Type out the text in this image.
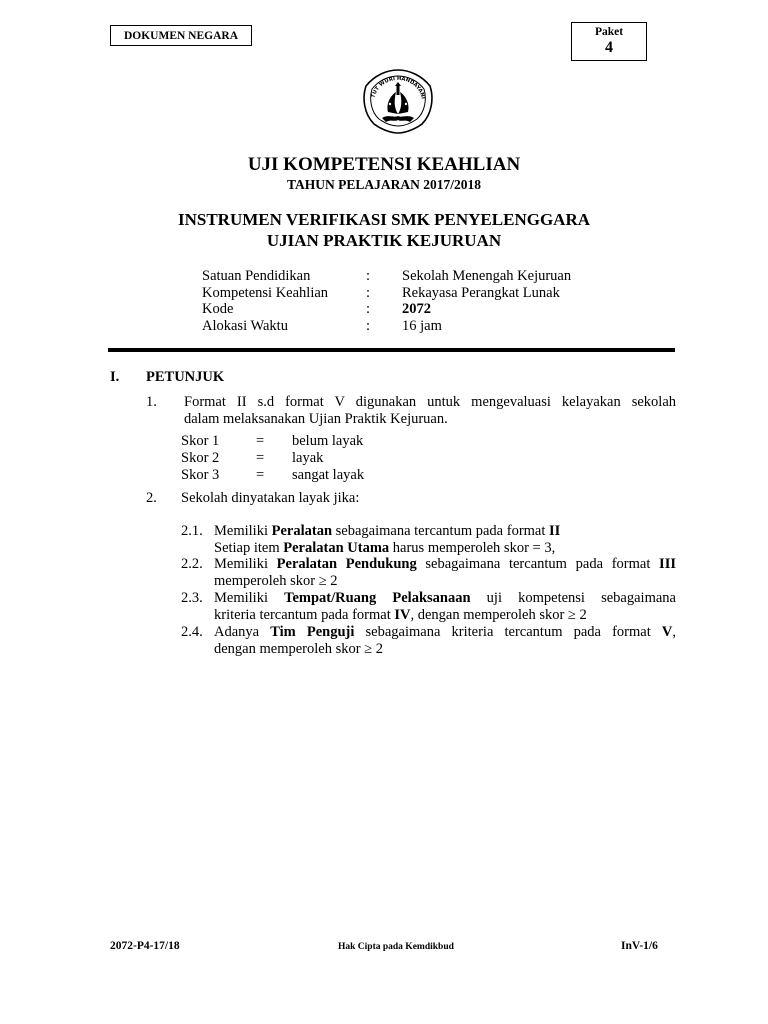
DOKUMEN NEGARA	Paket
4
TUT WURI HANDAYANI
UJI KOMPETENSI KEAHLIAN
TAHUN PELAJARAN 2017/2018
INSTRUMEN VERIFIKASI SMK PENYELENGGARA
UJIAN PRAKTIK KEJURUAN
Satuan Pendidikan	: Sekolah Menengah Kejuruan
Kompetensi Keahlian	: Rekayasa Perangkat Lunak
Kode	: 2072
Alokasi Waktu	: 16 jam
I. PETUNJUK
1. Format II s.d format V digunakan untuk mengevaluasi kelayakan sekolah
dalam melaksanakan Ujian Praktik Kejuruan.
Skor 1	= belum layak
Skor 2	= layak
Skor 3	= sangat layak
2. Sekolah dinyatakan layak jika:
2.1. Memiliki Peralatan sebagaimana tercantum pada format II
Setiap item Peralatan Utama harus memperoleh skor = 3,
2.2. Memiliki Peralatan Pendukung sebagaimana tercantum pada format III
memperoleh skor ≥ 2
2.3. Memiliki Tempat/Ruang Pelaksanaan uji kompetensi sebagaimana
kriteria tercantum pada format IV, dengan memperoleh skor ≥ 2
2.4. Adanya Tim Penguji sebagaimana kriteria tercantum pada format V,
dengan memperoleh skor ≥ 2
2072-P4-17/18	Hak Cipta pada Kemdikbud	InV-1/6
